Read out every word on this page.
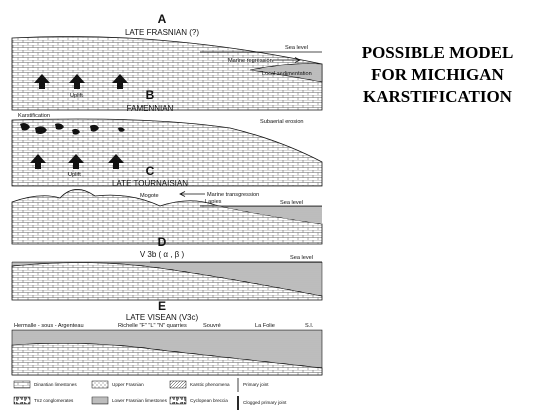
A
LATE FRASNIAN (?)
Sea level
Marine regression
Local sedimentation
Uplift	B
FAMENNIAN
Karstification
Subaerial erosion
Uplift	C
LATE TOURNAISIAN
Mogote	Marine transgression
Lapies	Sea level
D
V 3b ( α , β )	Sea level
E
LATE VISEAN (V3c)
Hermalle - sous - Argenteau	Richelle "F" "L" "N" quarries	Souvré	La Folie	S.I.
Dinantian limestones	Upper Frasnian	Karstic phenomena	Primary joint
Tn2 conglomerates	Lower Frasnian limestones	Cyclopean breccia	Clogged primary joint
POSSIBLE MODEL
FOR MICHIGAN
KARSTIFICATION
